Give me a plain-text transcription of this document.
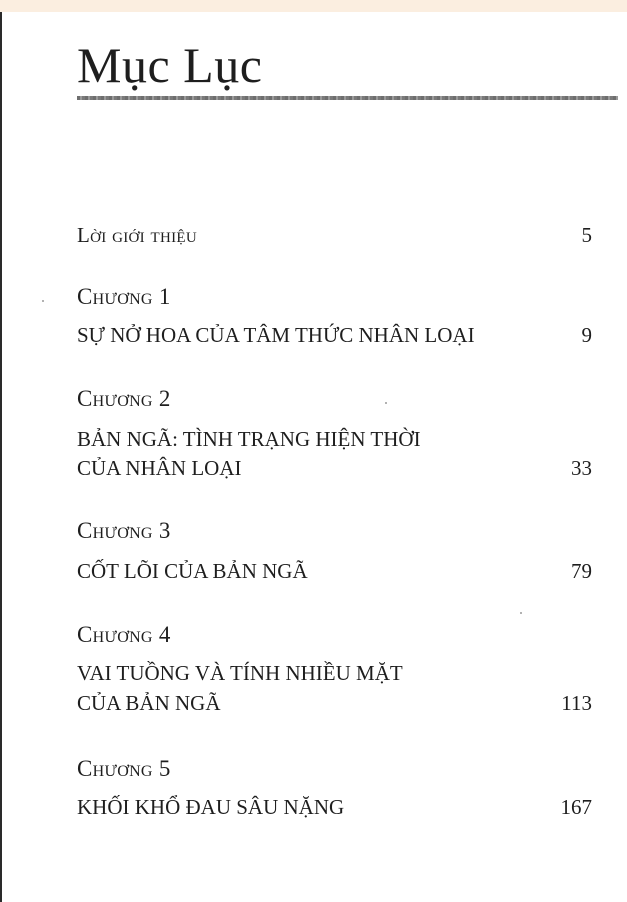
Mục Lục
Lời giới thiệu	5
Chương 1
SỰ NỞ HOA CỦA TÂM THỨC NHÂN LOẠI	9
Chương 2
BẢN NGÃ: TÌNH TRẠNG HIỆN THỜI
CỦA NHÂN LOẠI	33
Chương 3
CỐT LÕI CỦA BẢN NGÃ	79
Chương 4
VAI TUỒNG VÀ TÍNH NHIỀU MẶT
CỦA BẢN NGÃ	113
Chương 5
KHỐI KHỔ ĐAU SÂU NẶNG	167
